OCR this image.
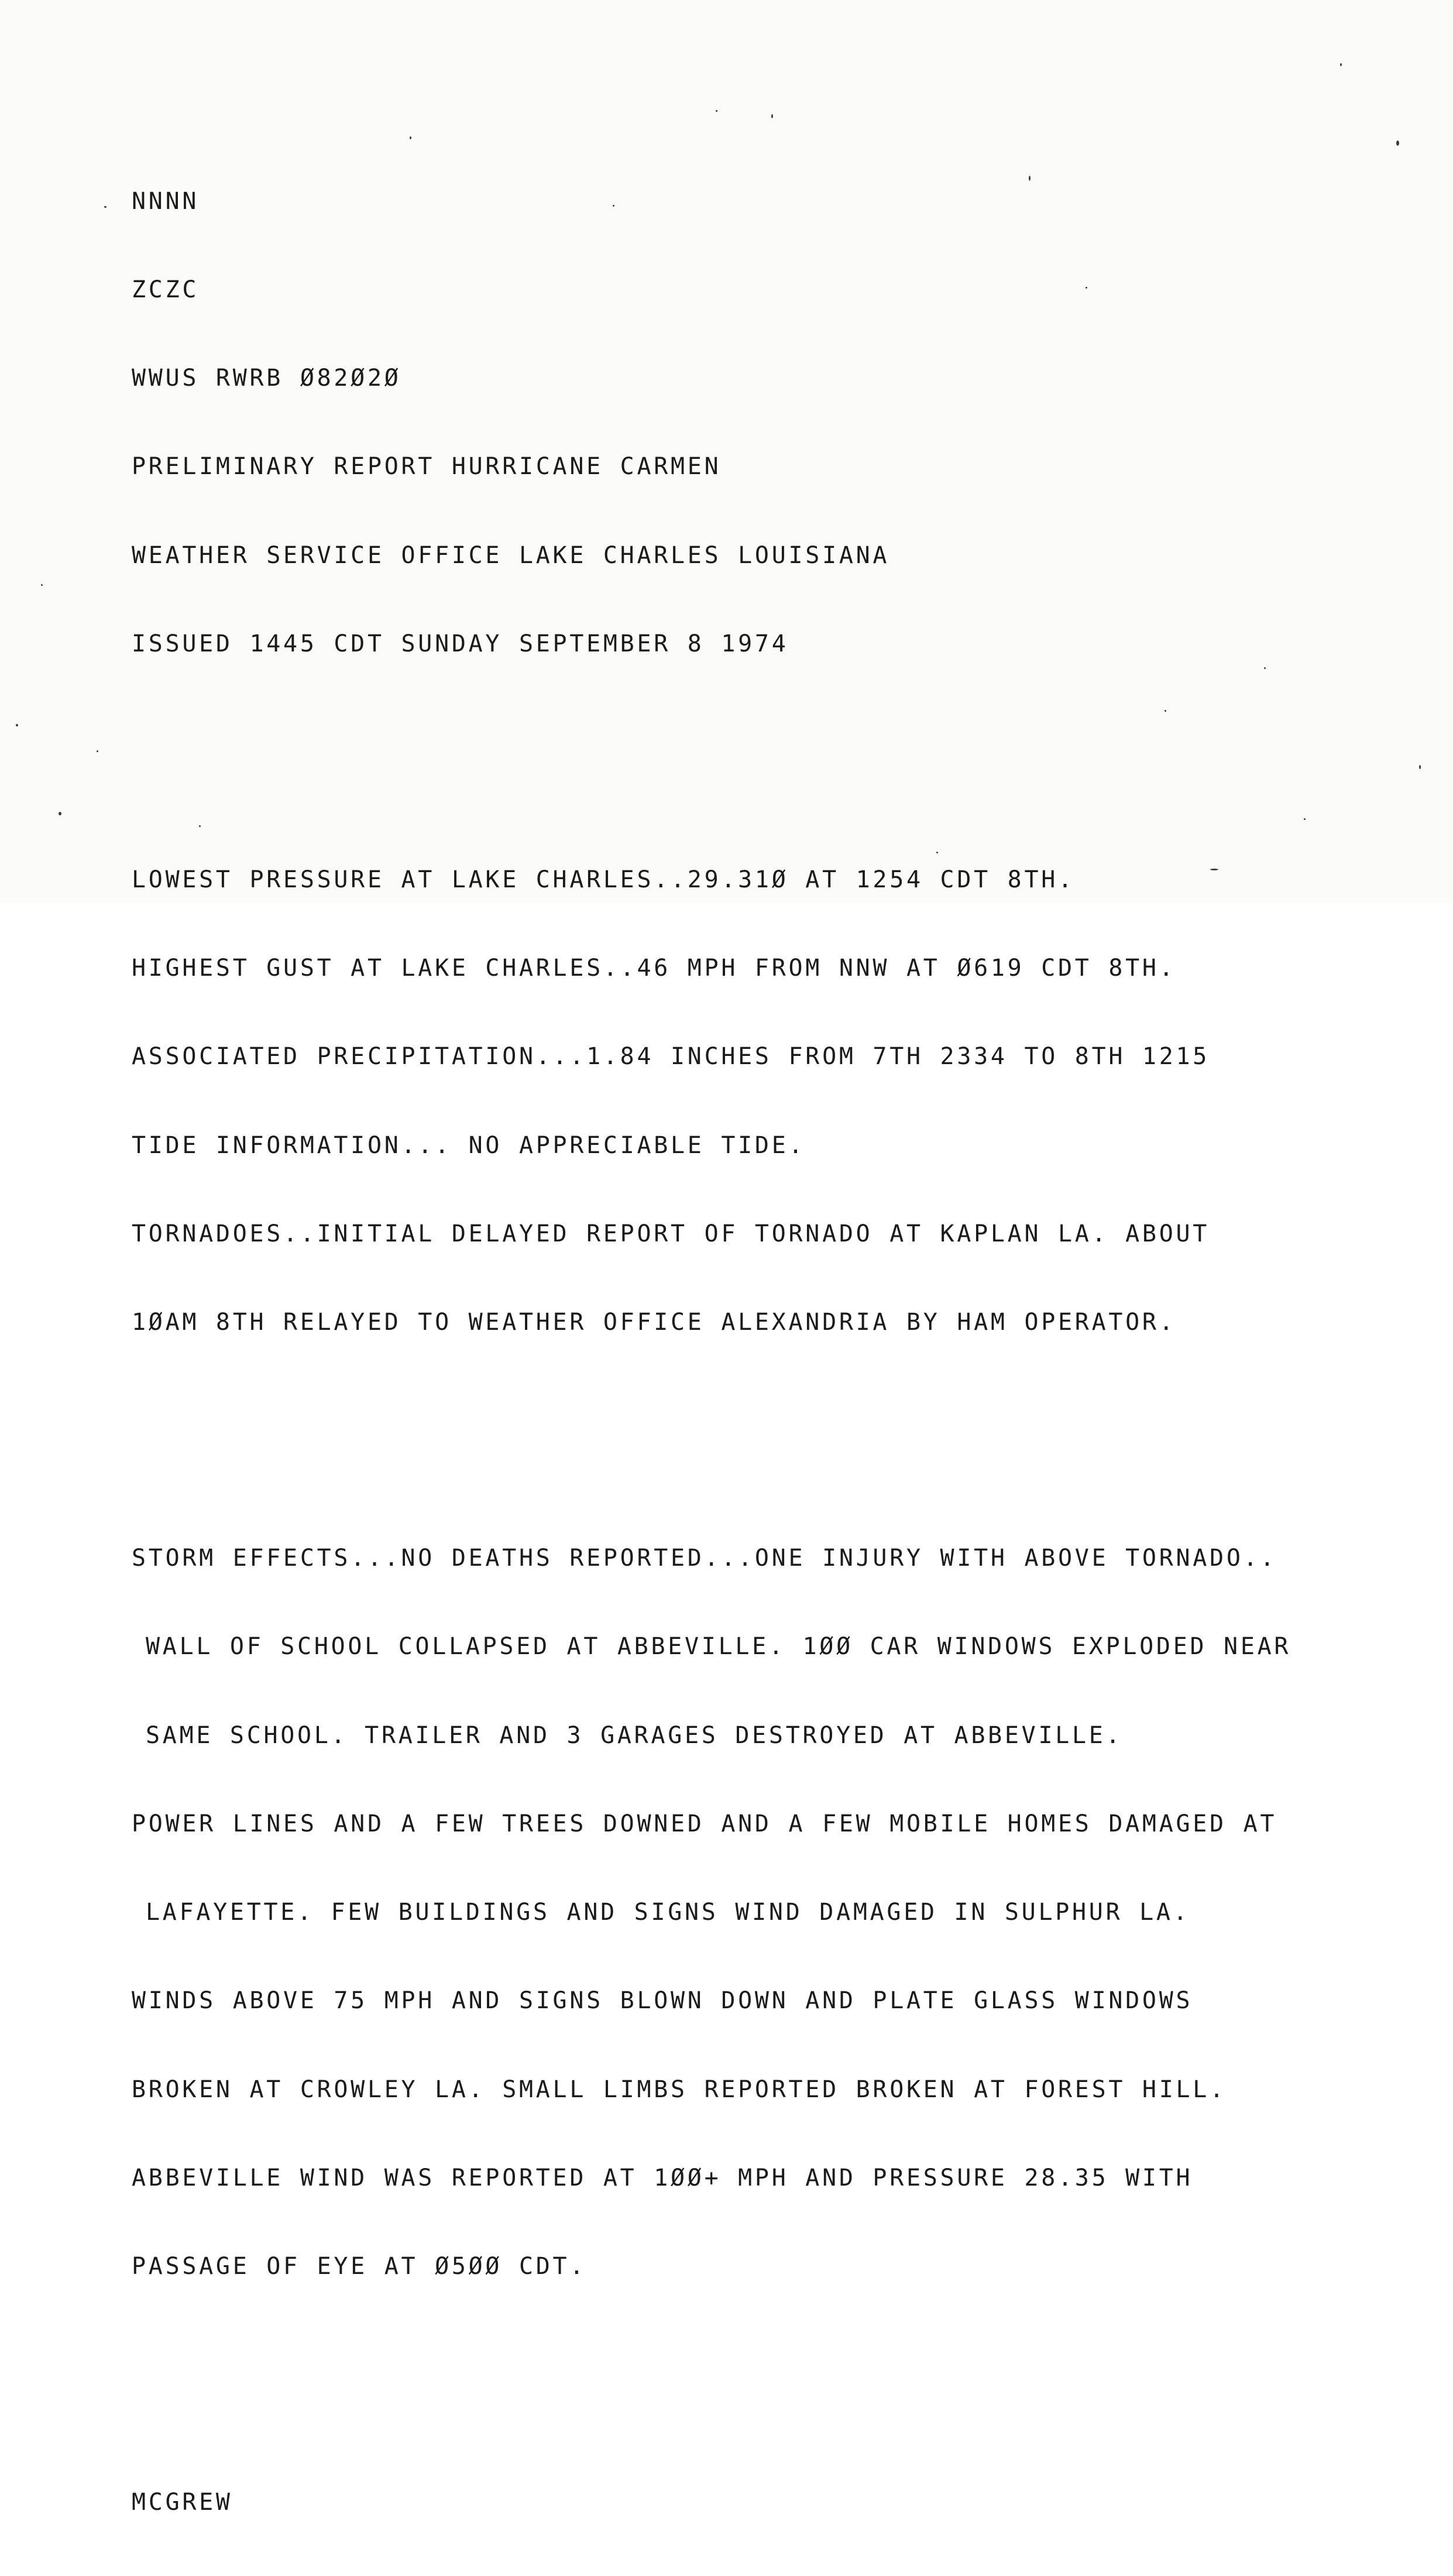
NNNN

ZCZC

WWUS RWRB Ø82Ø2Ø

PRELIMINARY REPORT HURRICANE CARMEN

WEATHER SERVICE OFFICE LAKE CHARLES LOUISIANA

ISSUED 1445 CDT SUNDAY SEPTEMBER 8 1974

LOWEST PRESSURE AT LAKE CHARLES..29.31Ø AT 1254 CDT 8TH.

HIGHEST GUST AT LAKE CHARLES..46 MPH FROM NNW AT Ø619 CDT 8TH.

ASSOCIATED PRECIPITATION...1.84 INCHES FROM 7TH 2334 TO 8TH 1215

TIDE INFORMATION... NO APPRECIABLE TIDE.

TORNADOES..INITIAL DELAYED REPORT OF TORNADO AT KAPLAN LA. ABOUT

1ØAM 8TH RELAYED TO WEATHER OFFICE ALEXANDRIA BY HAM OPERATOR.

STORM EFFECTS...NO DEATHS REPORTED...ONE INJURY WITH ABOVE TORNADO..

WALL OF SCHOOL COLLAPSED AT ABBEVILLE. 1ØØ CAR WINDOWS EXPLODED NEAR

SAME SCHOOL. TRAILER AND 3 GARAGES DESTROYED AT ABBEVILLE.

POWER LINES AND A FEW TREES DOWNED AND A FEW MOBILE HOMES DAMAGED AT

LAFAYETTE. FEW BUILDINGS AND SIGNS WIND DAMAGED IN SULPHUR LA.

WINDS ABOVE 75 MPH AND SIGNS BLOWN DOWN AND PLATE GLASS WINDOWS

BROKEN AT CROWLEY LA. SMALL LIMBS REPORTED BROKEN AT FOREST HILL.

ABBEVILLE WIND WAS REPORTED AT 1ØØ+ MPH AND PRESSURE 28.35 WITH

PASSAGE OF EYE AT Ø5ØØ CDT.

MCGREW
